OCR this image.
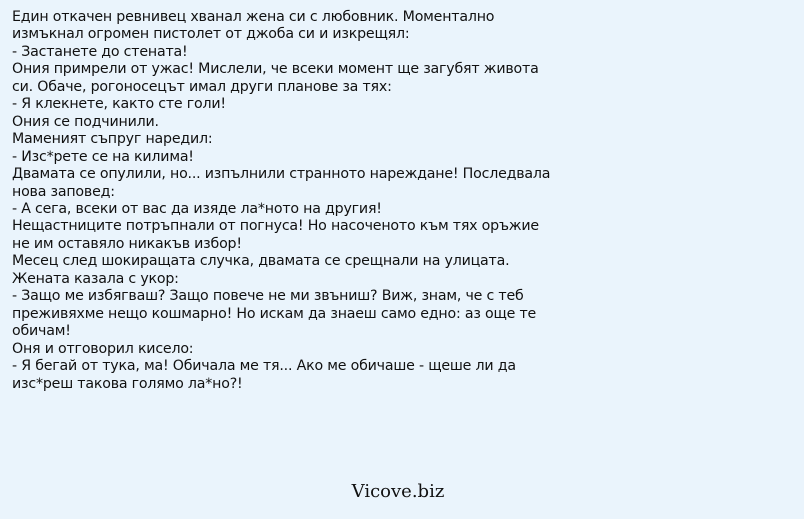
Един откачен ревнивец хванал жена си с любовник. Моментално
измъкнал огромен пистолет от джоба си и изкрещял:
- Застанете до стената!
Ония примрели от ужас! Мислели, че всеки момент ще загубят живота
си. Обаче, рогоносецът имал други планове за тях:
- Я клекнете, както сте голи!
Ония се подчинили.
Мамeният съпруг наредил:
- Изс*рете се на килима!
Двамата се опулили, но... изпълнили странното нареждане! Последвала
нова заповед:
- А сега, всеки от вас да изяде ла*ното на другия!
Нещастниците потръпнали от погнуса! Но насоченото към тях оръжие
не им оставяло никакъв избор!
Месец след шокиращата случка, двамата се срещнали на улицата.
Жената казала с укор:
- Защо ме избягваш? Защо повече не ми звъниш? Виж, знам, че с теб
преживяхме нещо кошмарно! Но искам да знаеш само едно: аз още те
обичам!
Оня и отговорил кисело:
- Я бегай от тука, ма! Обичала ме тя... Ако ме обичаше - щеше ли да
изс*реш такова голямо ла*но?!
Vicove.biz
